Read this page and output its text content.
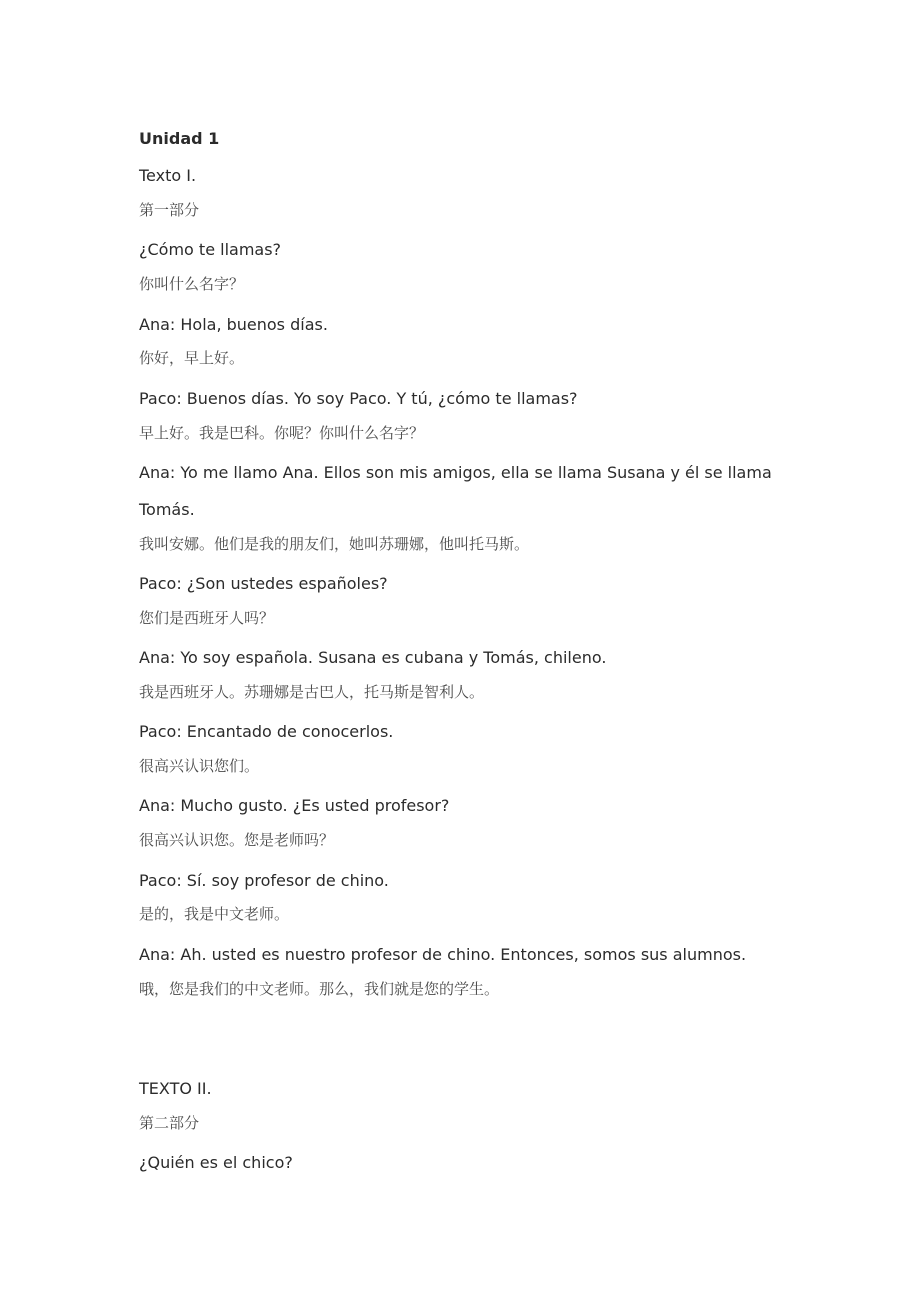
Unidad 1
Texto I.
第一部分
¿Cómo te llamas?
你叫什么名字？
Ana: Hola, buenos días.
你好，早上好。
Paco: Buenos días. Yo soy Paco. Y tú, ¿cómo te llamas?
早上好。我是巴科。你呢？你叫什么名字？
Ana: Yo me llamo Ana. Ellos son mis amigos, ella se llama Susana y él se llama
Tomás.
我叫安娜。他们是我的朋友们，她叫苏珊娜，他叫托马斯。
Paco: ¿Son ustedes españoles?
您们是西班牙人吗？
Ana: Yo soy española. Susana es cubana y Tomás, chileno.
我是西班牙人。苏珊娜是古巴人，托马斯是智利人。
Paco: Encantado de conocerlos.
很高兴认识您们。
Ana: Mucho gusto. ¿Es usted profesor?
很高兴认识您。您是老师吗？
Paco: Sí. soy profesor de chino.
是的，我是中文老师。
Ana: Ah. usted es nuestro profesor de chino. Entonces, somos sus alumnos.
哦，您是我们的中文老师。那么，我们就是您的学生。
TEXTO II.
第二部分
¿Quién es el chico?
